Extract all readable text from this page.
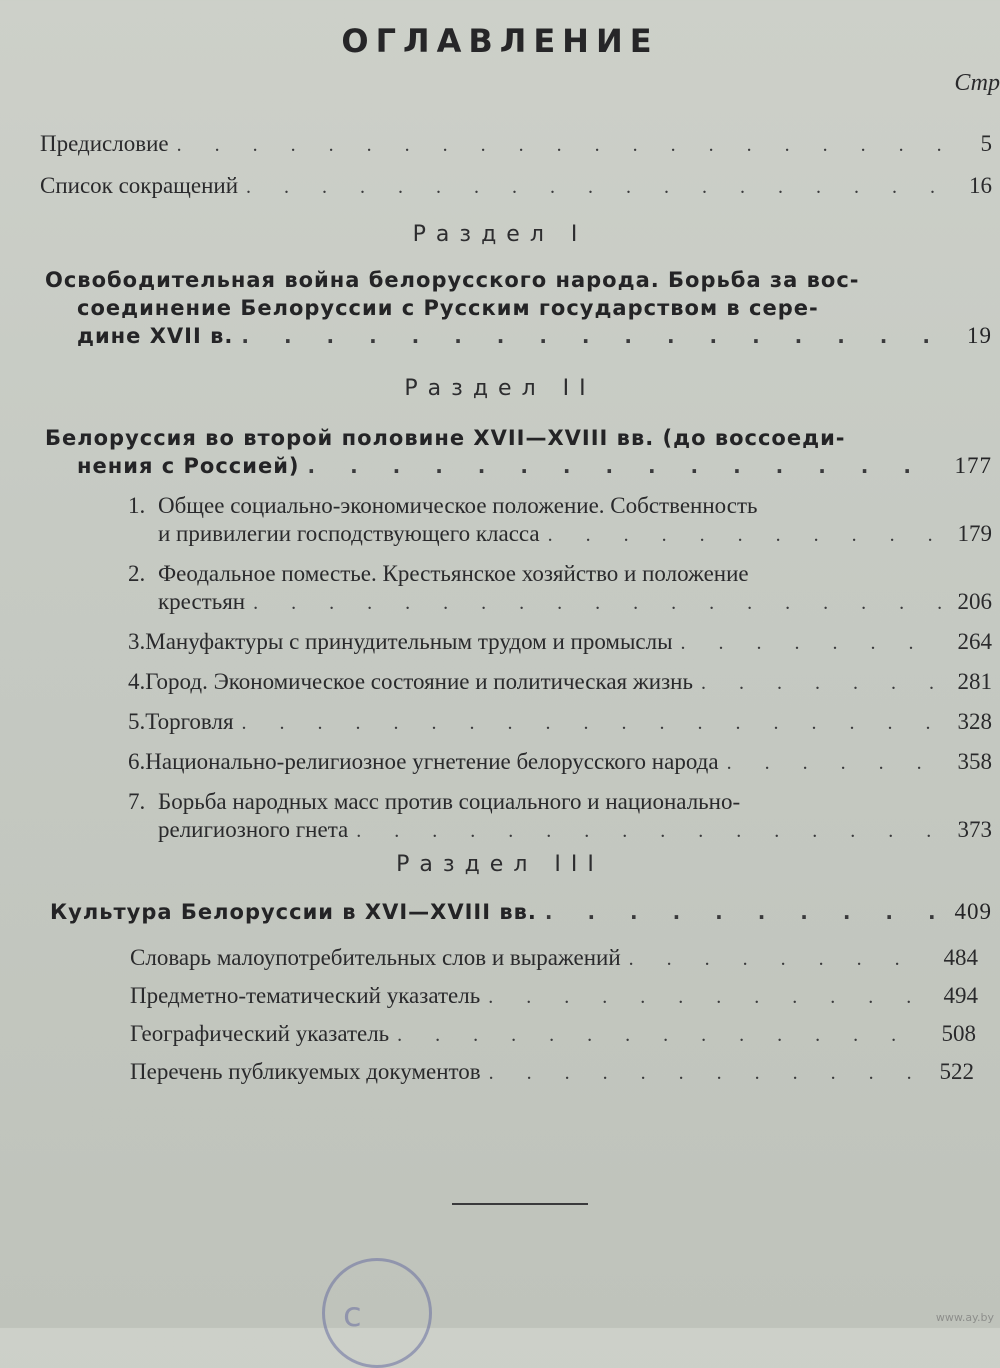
ОГЛАВЛЕНИЕ
Стр
Предисловие . . .	5
Список сокращений . . .	16
Раздел I
Освободительная война белорусского народа. Борьба за вос-
соединение Белоруссии с Русским государством в сере-
дине XVII в. . . .	19
Раздел II
Белоруссия во второй половине XVII—XVIII вв. (до воссоеди-
нения с Россией) . . .	177
1. Общее социально-экономическое положение. Собственность
и привилегии господствующего класса . . .	179
2. Феодальное поместье. Крестьянское хозяйство и положение
крестьян . . .	206
3. Мануфактуры с принудительным трудом и промыслы . . .	264
4. Город. Экономическое состояние и политическая жизнь . . .	281
5. Торговля . . .	328
6. Национально-религиозное угнетение белорусского народа . . .	358
7. Борьба народных масс против социального и национально-
религиозного гнета . . .	373
Раздел III
Культура Белоруссии в XVI—XVIII вв. . . .	409
Словарь малоупотребительных слов и выражений . . .	484
Предметно-тематический указатель . . .	494
Географический указатель . . .	508
Перечень публикуемых документов . . .	522
с	www.ay.by
